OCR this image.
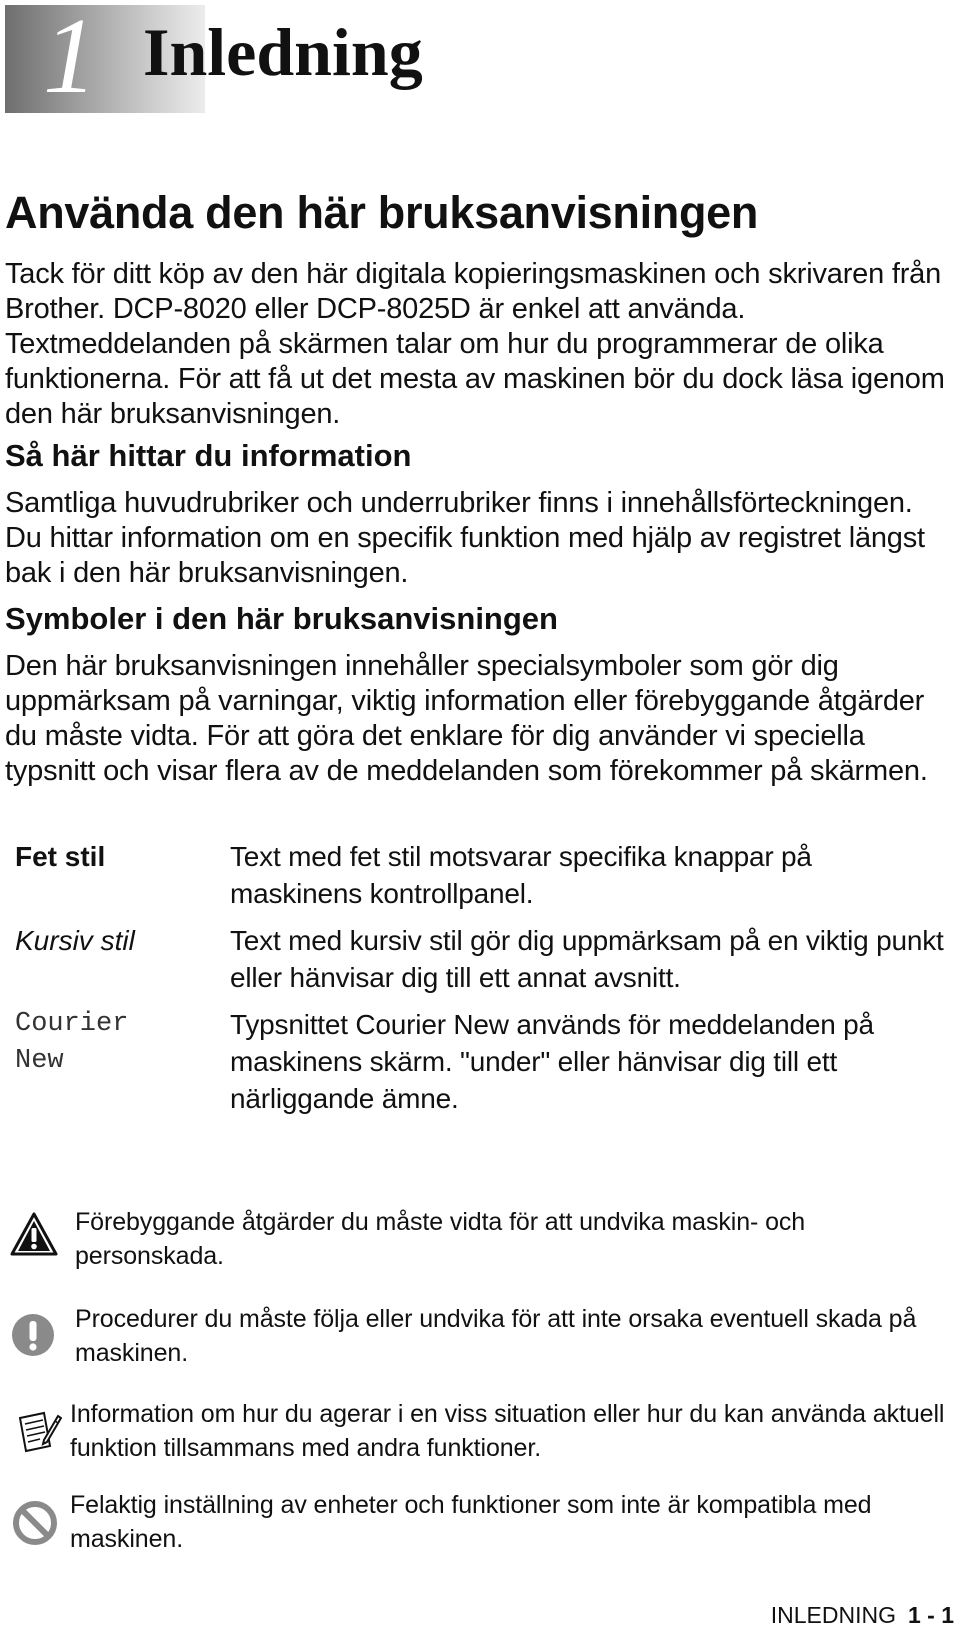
1 Inledning
Använda den här bruksanvisningen
Tack för ditt köp av den här digitala kopieringsmaskinen och skrivaren från Brother. DCP-8020 eller DCP-8025D är enkel att använda. Textmeddelanden på skärmen talar om hur du programmerar de olika funktionerna. För att få ut det mesta av maskinen bör du dock läsa igenom den här bruksanvisningen.
Så här hittar du information
Samtliga huvudrubriker och underrubriker finns i innehållsförteckningen. Du hittar information om en specifik funktion med hjälp av registret längst bak i den här bruksanvisningen.
Symboler i den här bruksanvisningen
Den här bruksanvisningen innehåller specialsymboler som gör dig uppmärksam på varningar, viktig information eller förebyggande åtgärder du måste vidta. För att göra det enklare för dig använder vi speciella typsnitt och visar flera av de meddelanden som förekommer på skärmen.
Fet stil	Text med fet stil motsvarar specifika knappar på maskinens kontrollpanel.
Kursiv stil	Text med kursiv stil gör dig uppmärksam på en viktig punkt eller hänvisar dig till ett annat avsnitt.
Courier New
Typsnittet Courier New används för meddelanden på maskinens skärm. "under" eller hänvisar dig till ett närliggande ämne.
Förebyggande åtgärder du måste vidta för att undvika maskin- och personskada.
Procedurer du måste följa eller undvika för att inte orsaka eventuell skada på maskinen.
Information om hur du agerar i en viss situation eller hur du kan använda aktuell funktion tillsammans med andra funktioner.
Felaktig inställning av enheter och funktioner som inte är kompatibla med maskinen.
INLEDNING 1 - 1
